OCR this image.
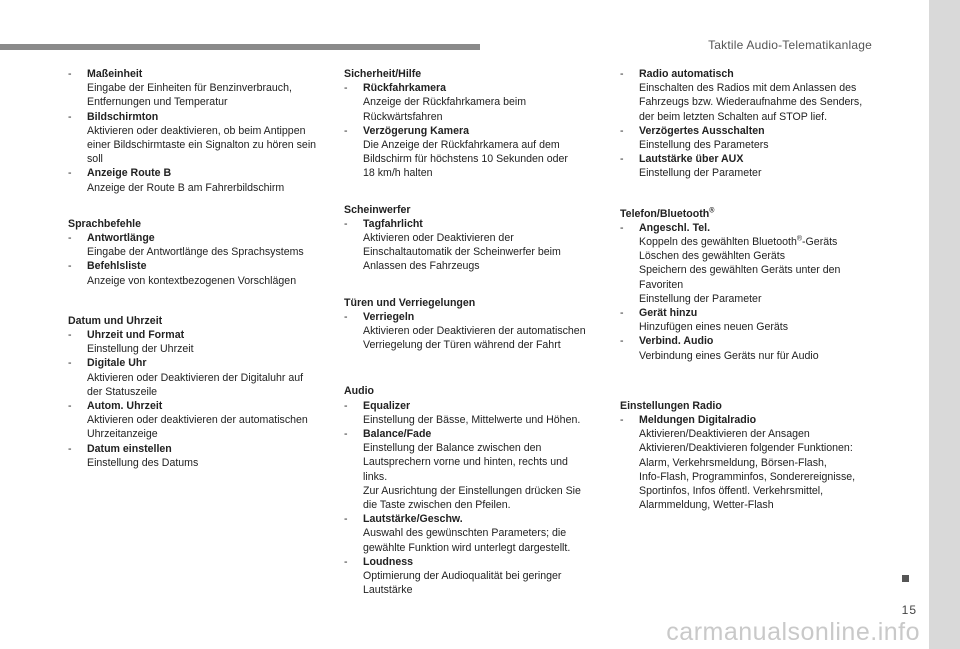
Taktile Audio-Telematikanlage
15
carmanualsonline.info
- Maßeinheit
Eingabe der Einheiten für Benzinverbrauch,
Entfernungen und Temperatur
- Bildschirmton
Aktivieren oder deaktivieren, ob beim Antippen
einer Bildschirmtaste ein Signalton zu hören sein
soll
- Anzeige Route B
Anzeige der Route B am Fahrerbildschirm
Sprachbefehle
- Antwortlänge
Eingabe der Antwortlänge des Sprachsystems
- Befehlsliste
Anzeige von kontextbezogenen Vorschlägen
Datum und Uhrzeit
- Uhrzeit und Format
Einstellung der Uhrzeit
- Digitale Uhr
Aktivieren oder Deaktivieren der Digitaluhr auf
der Statuszeile
- Autom. Uhrzeit
Aktivieren oder deaktivieren der automatischen
Uhrzeitanzeige
- Datum einstellen
Einstellung des Datums
Sicherheit/Hilfe
- Rückfahrkamera
Anzeige der Rückfahrkamera beim
Rückwärtsfahren
- Verzögerung Kamera
Die Anzeige der Rückfahrkamera auf dem
Bildschirm für höchstens 10 Sekunden oder
18 km/h halten
Scheinwerfer
- Tagfahrlicht
Aktivieren oder Deaktivieren der
Einschaltautomatik der Scheinwerfer beim
Anlassen des Fahrzeugs
Türen und Verriegelungen
- Verriegeln
Aktivieren oder Deaktivieren der automatischen
Verriegelung der Türen während der Fahrt
Audio
- Equalizer
Einstellung der Bässe, Mittelwerte und Höhen.
- Balance/Fade
Einstellung der Balance zwischen den
Lautsprechern vorne und hinten, rechts und
links.
Zur Ausrichtung der Einstellungen drücken Sie
die Taste zwischen den Pfeilen.
- Lautstärke/Geschw.
Auswahl des gewünschten Parameters; die
gewählte Funktion wird unterlegt dargestellt.
- Loudness
Optimierung der Audioqualität bei geringer
Lautstärke
- Radio automatisch
Einschalten des Radios mit dem Anlassen des
Fahrzeugs bzw. Wiederaufnahme des Senders,
der beim letzten Schalten auf STOP lief.
- Verzögertes Ausschalten
Einstellung des Parameters
- Lautstärke über AUX
Einstellung der Parameter
Telefon/Bluetooth®
- Angeschl. Tel.
Koppeln des gewählten Bluetooth®-Geräts
Löschen des gewählten Geräts
Speichern des gewählten Geräts unter den
Favoriten
Einstellung der Parameter
- Gerät hinzu
Hinzufügen eines neuen Geräts
- Verbind. Audio
Verbindung eines Geräts nur für Audio
Einstellungen Radio
- Meldungen Digitalradio
Aktivieren/Deaktivieren der Ansagen
Aktivieren/Deaktivieren folgender Funktionen:
Alarm, Verkehrsmeldung, Börsen-Flash,
Info-Flash, Programminfos, Sonderereignisse,
Sportinfos, Infos öffentl. Verkehrsmittel,
Alarmmeldung, Wetter-Flash
